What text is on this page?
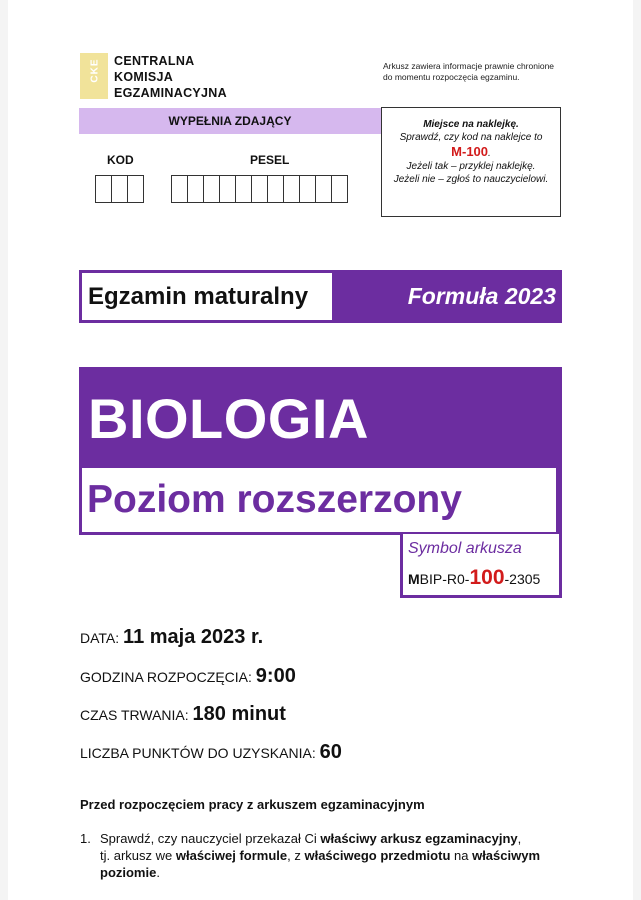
CKE CENTRALNA
KOMISJA
EGZAMINACYJNA
Arkusz zawiera informacje prawnie chronione
do momentu rozpoczęcia egzaminu.
WYPEŁNIA ZDAJĄCY	Miejsce na naklejkę.
Sprawdź, czy kod na naklejce to
M-100.
Jeżeli tak – przyklej naklejkę.
Jeżeli nie – zgłoś to nauczycielowi.
KOD	PESEL
Egzamin maturalny	Formuła 2023
BIOLOGIA
Poziom rozszerzony
Symbol arkusza
MBIP-R0-100-2305
DATA: 11 maja 2023 r.
GODZINA ROZPOCZĘCIA: 9:00
CZAS TRWANIA: 180 minut
LICZBA PUNKTÓW DO UZYSKANIA: 60
Przed rozpoczęciem pracy z arkuszem egzaminacyjnym
1. Sprawdź, czy nauczyciel przekazał Ci właściwy arkusz egzaminacyjny,
tj. arkusz we właściwej formule, z właściwego przedmiotu na właściwym poziomie.
